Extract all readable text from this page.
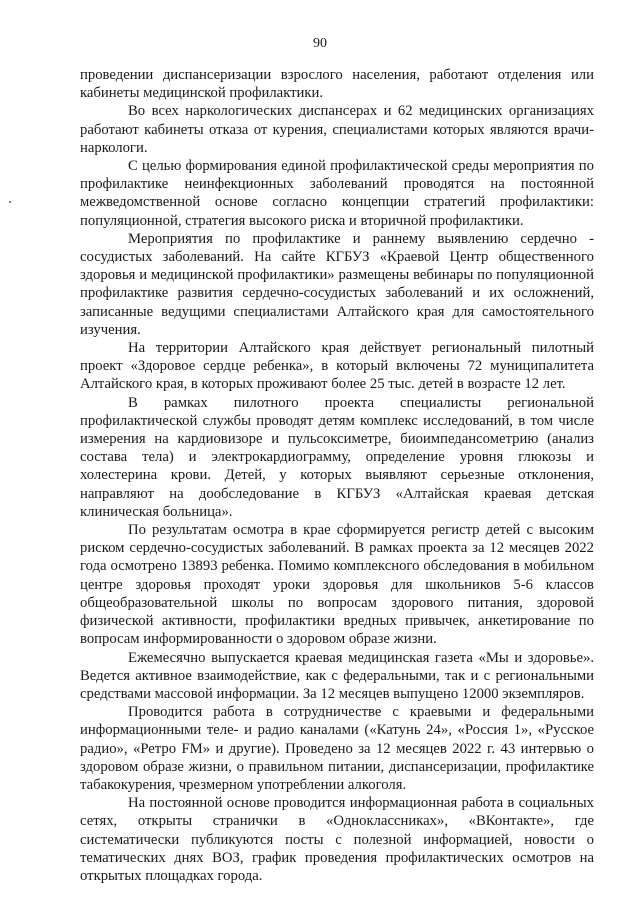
90

проведении диспансеризации взрослого населения, работают отделения или кабинеты медицинской профилактики.

Во всех наркологических диспансерах и 62 медицинских организациях работают кабинеты отказа от курения, специалистами которых являются врачи-наркологи.

С целью формирования единой профилактической среды мероприятия по профилактике неинфекционных заболеваний проводятся на постоянной межведомственной основе согласно концепции стратегий профилактики: популяционной, стратегия высокого риска и вторичной профилактики.

Мероприятия по профилактике и раннему выявлению сердечно - сосудистых заболеваний. На сайте КГБУЗ «Краевой Центр общественного здоровья и медицинской профилактики» размещены вебинары по популяционной профилактике развития сердечно-сосудистых заболеваний и их осложнений, записанные ведущими специалистами Алтайского края для самостоятельного изучения.

На территории Алтайского края действует региональный пилотный проект «Здоровое сердце ребенка», в который включены 72 муниципалитета Алтайского края, в которых проживают более 25 тыс. детей в возрасте 12 лет.

В рамках пилотного проекта специалисты региональной профилактической службы проводят детям комплекс исследований, в том числе измерения на кардиовизоре и пульсоксиметре, биоимпедансометрию (анализ состава тела) и электрокардиограмму, определение уровня глюкозы и холестерина крови. Детей, у которых выявляют серьезные отклонения, направляют на дообследование в КГБУЗ «Алтайская краевая детская клиническая больница».

По результатам осмотра в крае сформируется регистр детей с высоким риском сердечно-сосудистых заболеваний. В рамках проекта за 12 месяцев 2022 года осмотрено 13893 ребенка. Помимо комплексного обследования в мобильном центре здоровья проходят уроки здоровья для школьников 5-6 классов общеобразовательной школы по вопросам здорового питания, здоровой физической активности, профилактики вредных привычек, анкетирование по вопросам информированности о здоровом образе жизни.

Ежемесячно выпускается краевая медицинская газета «Мы и здоровье». Ведется активное взаимодействие, как с федеральными, так и с региональными средствами массовой информации. За 12 месяцев выпущено 12000 экземпляров.

Проводится работа в сотрудничестве с краевыми и федеральными информационными теле- и радио каналами («Катунь 24», «Россия 1», «Русское радио», «Ретро FM» и другие). Проведено за 12 месяцев 2022 г. 43 интервью о здоровом образе жизни, о правильном питании, диспансеризации, профилактике табакокурения, чрезмерном употреблении алкоголя.

На постоянной основе проводится информационная работа в социальных сетях, открыты странички в «Одноклассниках», «ВКонтакте», где систематически публикуются посты с полезной информацией, новости о тематических днях ВОЗ, график проведения профилактических осмотров на открытых площадках города.
